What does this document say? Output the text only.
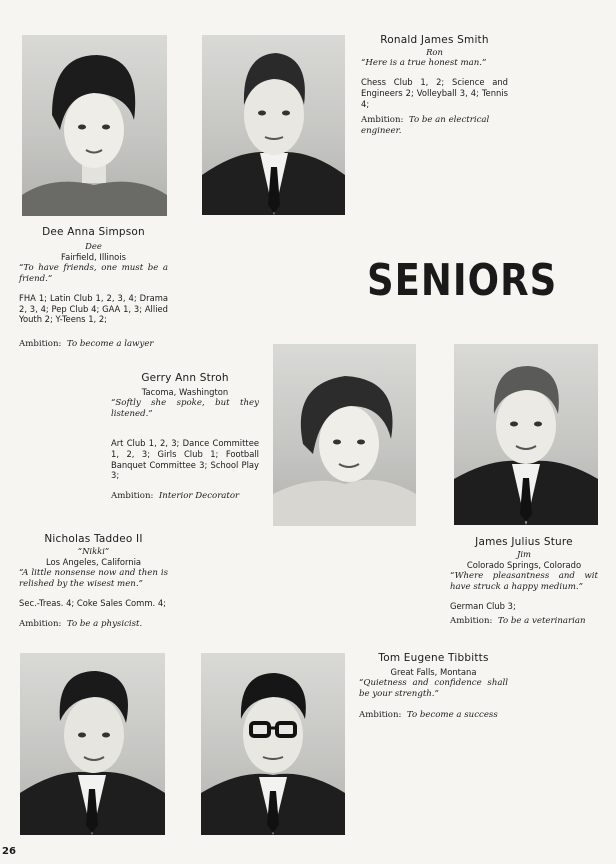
SENIORS
Dee Anna Simpson
Dee
Fairfield, Illinois
“To have friends, one must be a friend.”
FHA 1; Latin Club 1, 2, 3, 4; Drama 2, 3, 4; Pep Club 4; GAA 1, 3; Allied Youth 2; Y-Teens 1, 2;
Ambition: To become a lawyer
Ronald James Smith
Ron
“Here is a true honest man.”
Chess Club 1, 2; Science and Engineers 2; Volleyball 3, 4; Tennis 4;
Ambition: To be an electrical engineer.
Gerry Ann Stroh
Tacoma, Washington
“Softly she spoke, but they listened.”
Art Club 1, 2, 3; Dance Committee 1, 2, 3; Girls Club 1; Football Banquet Committee 3; School Play 3;
Ambition: Interior Decorator
Nicholas Taddeo II
“Nikki”
Los Angeles, California
“A little nonsense now and then is relished by the wisest men.”
Sec.-Treas. 4; Coke Sales Comm. 4;
Ambition: To be a physicist.
James Julius Sture
Jim
Colorado Springs, Colorado
“Where pleasantness and wit have struck a happy medium.”
German Club 3;
Ambition: To be a veterinarian
Tom Eugene Tibbitts
Great Falls, Montana
“Quietness and confidence shall be your strength.”
Ambition: To become a success
26
